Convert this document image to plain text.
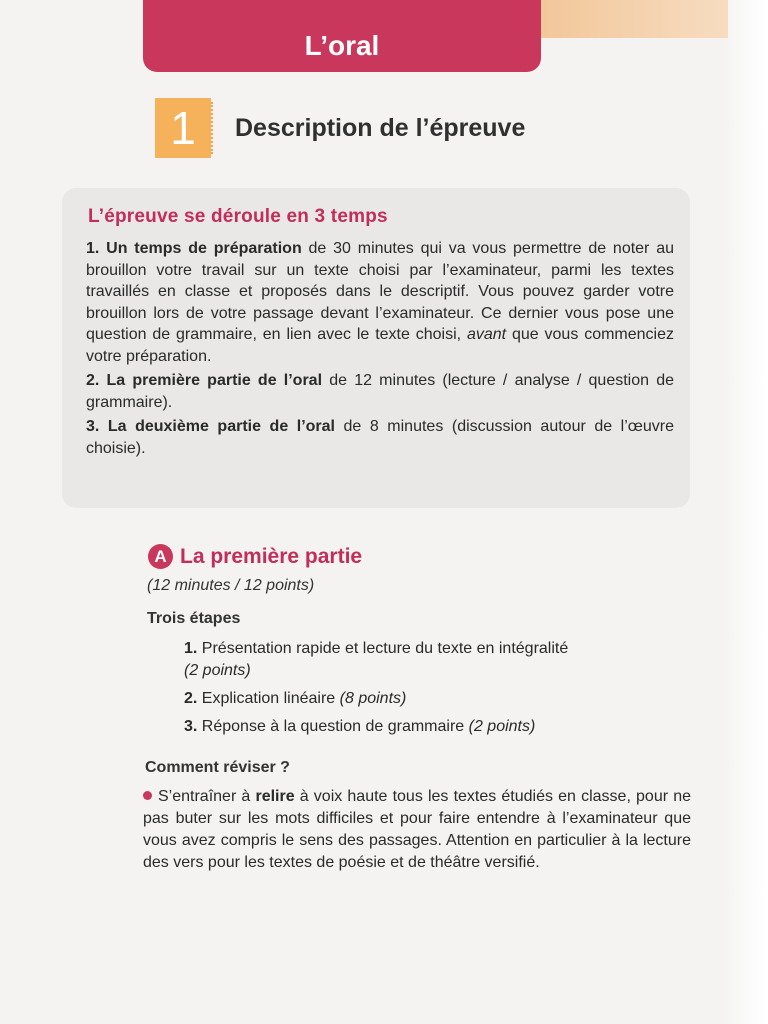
L’oral
1	Description de l’épreuve
L’épreuve se déroule en 3 temps

1. Un temps de préparation de 30 minutes qui va vous permettre de noter au brouillon votre travail sur un texte choisi par l’examinateur, parmi les textes travaillés en classe et proposés dans le descriptif. Vous pouvez garder votre brouillon lors de votre passage devant l’examinateur. Ce dernier vous pose une question de grammaire, en lien avec le texte choisi, avant que vous commenciez votre préparation.

2. La première partie de l’oral de 12 minutes (lecture / analyse / question de grammaire).

3. La deuxième partie de l’oral de 8 minutes (discussion autour de l’œuvre choisie).

A La première partie
(12 minutes / 12 points)
Trois étapes
1. Présentation rapide et lecture du texte en intégralité
(2 points)
2. Explication linéaire (8 points)
3. Réponse à la question de grammaire (2 points)
Comment réviser ?
S’entraîner à relire à voix haute tous les textes étudiés en classe, pour ne pas buter sur les mots difficiles et pour faire entendre à l’examinateur que vous avez compris le sens des passages. Attention en particulier à la lecture des vers pour les textes de poésie et de théâtre versifié.
